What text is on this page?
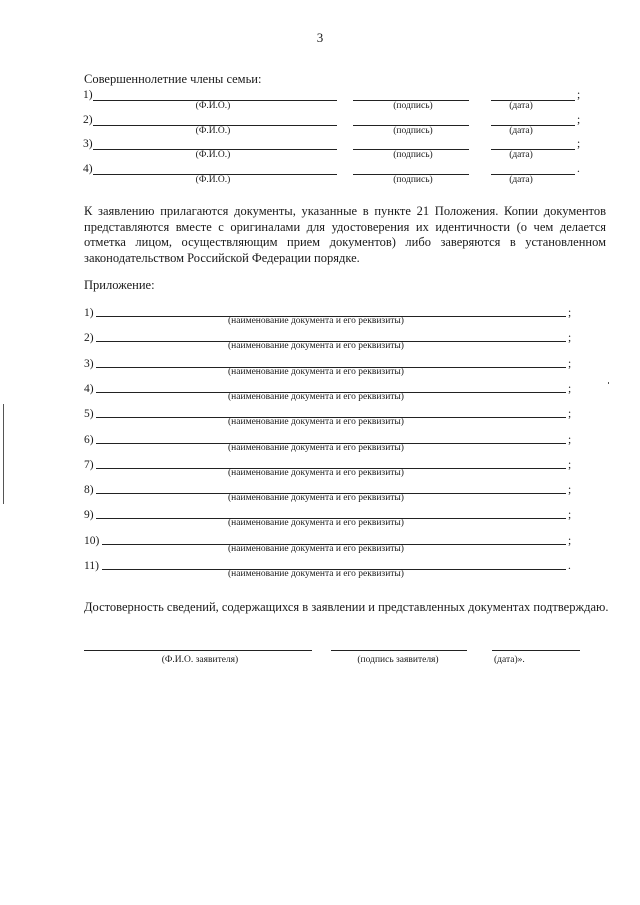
3
Совершеннолетние члены семьи:
1)	;
(Ф.И.О.)	(подпись)	(дата)
2)	;
(Ф.И.О.)	(подпись)	(дата)
3)	;
(Ф.И.О.)	(подпись)	(дата)
4)	.
(Ф.И.О.)	(подпись)	(дата)
К заявлению прилагаются документы, указанные в пункте 21 Положения. Копии документов представляются вместе с оригиналами для удостоверения их идентичности (о чем делается отметка лицом, осуществляющим прием документов) либо заверяются в установленном законодательством Российской Федерации порядке.
Приложение:
1)	;
(наименование документа и его реквизиты)
2)	;
(наименование документа и его реквизиты)
3)	;
(наименование документа и его реквизиты)
4)	;
(наименование документа и его реквизиты)
5)	;
(наименование документа и его реквизиты)
6)	;
(наименование документа и его реквизиты)
7)	;
(наименование документа и его реквизиты)
8)	;
(наименование документа и его реквизиты)
9)	;
(наименование документа и его реквизиты)
10)	;
(наименование документа и его реквизиты)
11)	.
(наименование документа и его реквизиты)
Достоверность сведений, содержащихся в заявлении и представленных документах подтверждаю.
(Ф.И.О. заявителя)	(подпись заявителя)	(дата)».
